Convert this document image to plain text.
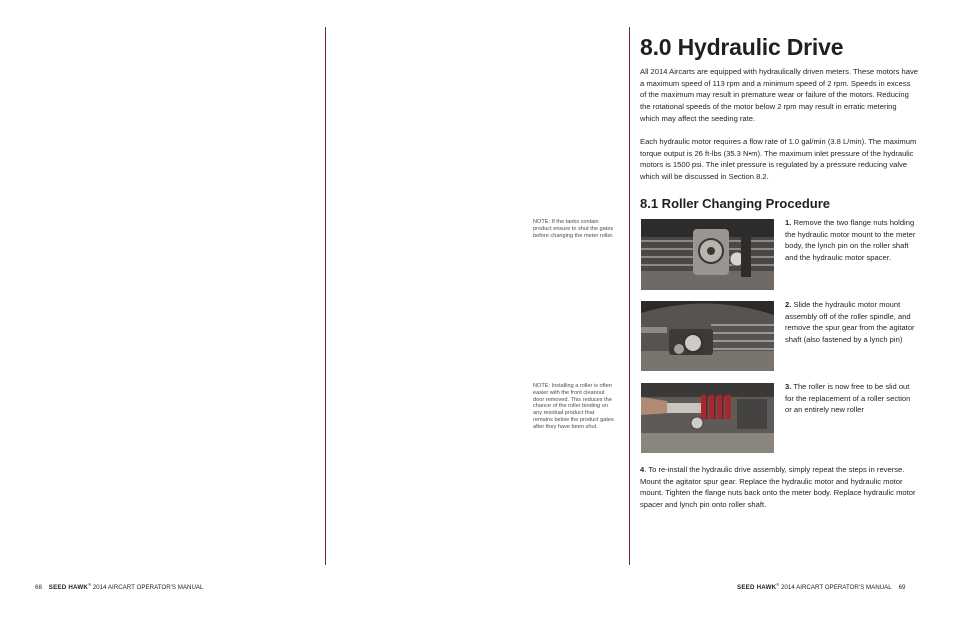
NOTE: If the tanks contain product ensure to shut the gates before changing the meter roller.

NOTE: Installing a roller is often easier with the front cleanout door removed. This reduces the chance of the roller binding on any residual product that remains below the product gates after they have been shut.

8.0 Hydraulic Drive

All 2014 Aircarts are equipped with hydraulically driven meters. These motors have a maximum speed of 113 rpm and a minimum speed of 2 rpm. Speeds in excess of the maximum may result in premature wear or failure of the motors. Reducing the rotational speeds of the motor below 2 rpm may result in erratic metering which may affect the seeding rate.

Each hydraulic motor requires a flow rate of 1.0 gal/min (3.8 L/min). The maximum torque output is 26 ft-lbs (35.3 N•m). The maximum inlet pressure of the hydraulic motors is 1500 psi. The inlet pressure is regulated by a pressure reducing valve which will be discussed in Section 8.2.

8.1 Roller Changing Procedure

1. Remove the two flange nuts holding the hydraulic motor mount to the meter body, the lynch pin on the roller shaft and the hydraulic motor spacer.

2. Slide the hydraulic motor mount assembly off of the roller spindle, and remove the spur gear from the agitator shaft (also fastened by a lynch pin)

3. The roller is now free to be slid out for the replacement of a roller section or an entirely new roller

4. To re-install the hydraulic drive assembly, simply repeat the steps in reverse. Mount the agitator spur gear. Replace the hydraulic motor and hydraulic motor mount. Tighten the flange nuts back onto the meter body. Replace hydraulic motor spacer and lynch pin onto roller shaft.

68 SEED HAWK® 2014 AIRCART OPERATOR'S MANUAL	SEED HAWK® 2014 AIRCART OPERATOR'S MANUAL 69
